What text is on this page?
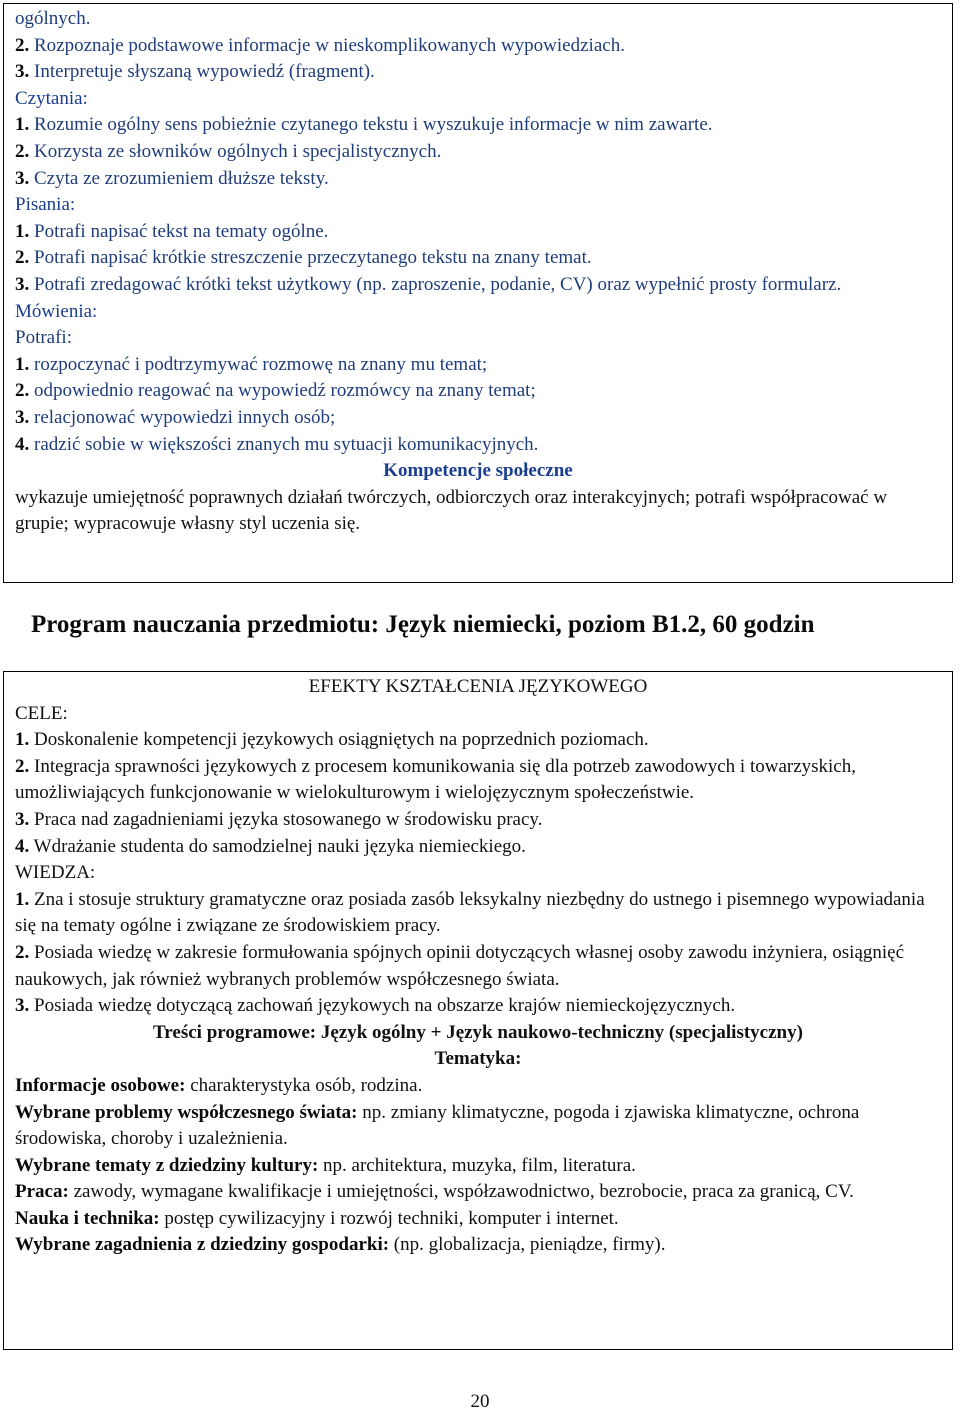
ogólnych.
2. Rozpoznaje podstawowe informacje w nieskomplikowanych wypowiedziach.
3. Interpretuje słyszaną wypowiedź (fragment).
Czytania:
1. Rozumie ogólny sens pobieżnie czytanego tekstu i wyszukuje informacje w nim zawarte.
2. Korzysta ze słowników ogólnych i specjalistycznych.
3. Czyta ze zrozumieniem dłuższe teksty.
Pisania:
1. Potrafi napisać tekst na tematy ogólne.
2. Potrafi napisać krótkie streszczenie przeczytanego tekstu na znany temat.
3. Potrafi zredagować krótki tekst użytkowy (np. zaproszenie, podanie, CV) oraz wypełnić prosty formularz.
Mówienia:
Potrafi:
1. rozpoczynać i podtrzymywać rozmowę na znany mu temat;
2. odpowiednio reagować na wypowiedź rozmówcy na znany temat;
3. relacjonować wypowiedzi innych osób;
4. radzić sobie w większości znanych mu sytuacji komunikacyjnych.
Kompetencje społeczne
wykazuje umiejętność poprawnych działań twórczych, odbiorczych oraz interakcyjnych; potrafi współpracować w grupie; wypracowuje własny styl uczenia się.
Program nauczania przedmiotu: Język niemiecki, poziom B1.2, 60 godzin
EFEKTY KSZTAŁCENIA JĘZYKOWEGO
CELE:
1. Doskonalenie kompetencji językowych osiągniętych na poprzednich poziomach.
2. Integracja sprawności językowych z procesem komunikowania się dla potrzeb zawodowych i towarzyskich, umożliwiających funkcjonowanie w wielokulturowym i wielojęzycznym społeczeństwie.
3. Praca nad zagadnieniami języka stosowanego w środowisku pracy.
4. Wdrażanie studenta do samodzielnej nauki języka niemieckiego.
WIEDZA:
1. Zna i stosuje struktury gramatyczne oraz posiada zasób leksykalny niezbędny do ustnego i pisemnego wypowiadania się na tematy ogólne i związane ze środowiskiem pracy.
2. Posiada wiedzę w zakresie formułowania spójnych opinii dotyczących własnej osoby zawodu inżyniera, osiągnięć naukowych, jak również wybranych problemów współczesnego świata.
3. Posiada wiedzę dotyczącą zachowań językowych na obszarze krajów niemieckojęzycznych.
Treści programowe: Język ogólny + Język naukowo-techniczny (specjalistyczny)
Tematyka:
Informacje osobowe: charakterystyka osób, rodzina.
Wybrane problemy współczesnego świata: np. zmiany klimatyczne, pogoda i zjawiska klimatyczne, ochrona środowiska, choroby i uzależnienia.
Wybrane tematy z dziedziny kultury: np. architektura, muzyka, film, literatura.
Praca: zawody, wymagane kwalifikacje i umiejętności, współzawodnictwo, bezrobocie, praca za granicą, CV.
Nauka i technika: postęp cywilizacyjny i rozwój techniki, komputer i internet.
Wybrane zagadnienia z dziedziny gospodarki: (np. globalizacja, pieniądze, firmy).
20
